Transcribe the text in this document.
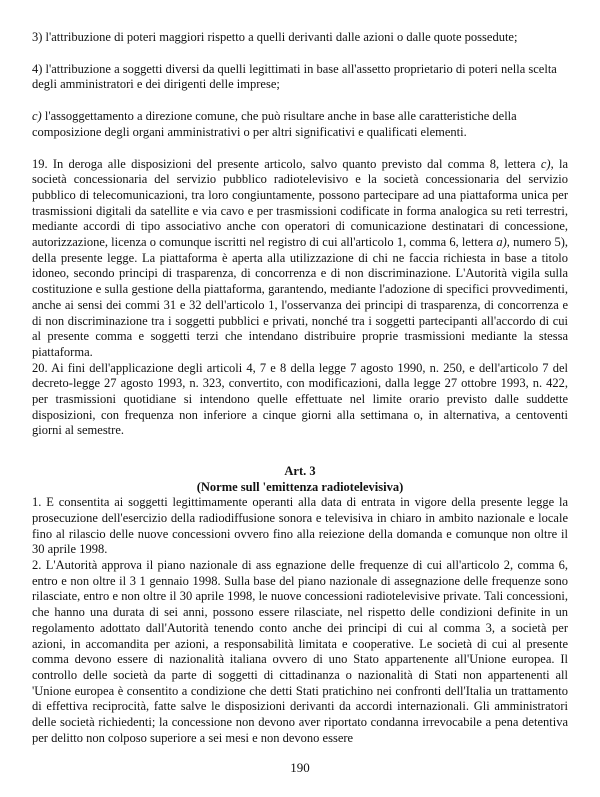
3) l'attribuzione di poteri maggiori rispetto a quelli derivanti dalle azioni o dalle quote possedute;

4) l'attribuzione a soggetti diversi da quelli legittimati in base all'assetto proprietario di poteri nella scelta degli amministratori e dei dirigenti delle imprese;

c) l'assoggettamento a direzione comune, che può risultare anche in base alle caratteristiche della composizione degli organi amministrativi o per altri significativi e qualificati elementi.

19. In deroga alle disposizioni del presente articolo, salvo quanto previsto dal comma 8, lettera c), la società concessionaria del servizio pubblico radiotelevisivo e la società concessionaria del servizio pubblico di telecomunicazioni, tra loro congiuntamente, possono partecipare ad una piattaforma unica per trasmissioni digitali da satellite e via cavo e per trasmissioni codificate in forma analogica su reti terrestri, mediante accordi di tipo associativo anche con operatori di comunicazione destinatari di concessione, autorizzazione, licenza o comunque iscritti nel registro di cui all'articolo 1, comma 6, lettera a), numero 5), della presente legge. La piattaforma è aperta alla utilizzazione di chi ne faccia richiesta in base a titolo idoneo, secondo principi di trasparenza, di concorrenza e di non discriminazione. L'Autorità vigila sulla costituzione e sulla gestione della piattaforma, garantendo, mediante l'adozione di specifici provvedimenti, anche ai sensi dei commi 31 e 32 dell'articolo 1, l'osservanza dei principi di trasparenza, di concorrenza e di non discriminazione tra i soggetti pubblici e privati, nonché tra i soggetti partecipanti all'accordo di cui al presente comma e soggetti terzi che intendano distribuire proprie trasmissioni mediante la stessa piattaforma.

20. Ai fini dell'applicazione degli articoli 4, 7 e 8 della legge 7 agosto 1990, n. 250, e dell'articolo 7 del decreto-legge 27 agosto 1993, n. 323, convertito, con modificazioni, dalla legge 27 ottobre 1993, n. 422, per trasmissioni quotidiane si intendono quelle effettuate nel limite orario previsto dalle suddette disposizioni, con frequenza non inferiore a cinque giorni alla settimana o, in alternativa, a centoventi giorni al semestre.

Art. 3

(Norme sull 'emittenza radiotelevisiva)

1. E consentita ai soggetti legittimamente operanti alla data di entrata in vigore della presente legge la prosecuzione dell'esercizio della radiodiffusione sonora e televisiva in chiaro in ambito nazionale e locale fino al rilascio delle nuove concessioni ovvero fino alla reiezione della domanda e comunque non oltre il 30 aprile 1998.

2. L'Autorità approva il piano nazionale di ass egnazione delle frequenze di cui all'articolo 2, comma 6, entro e non oltre il 3 1 gennaio 1998. Sulla base del piano nazionale di assegnazione delle frequenze sono rilasciate, entro e non oltre il 30 aprile 1998, le nuove concessioni radiotelevisive private. Tali concessioni, che hanno una durata di sei anni, possono essere rilasciate, nel rispetto delle condizioni definite in un regolamento adottato dall'Autorità tenendo conto anche dei principi di cui al comma 3, a società per azioni, in accomandita per azioni, a responsabilità limitata e cooperative. Le società di cui al presente comma devono essere di nazionalità italiana ovvero di uno Stato appartenente all'Unione europea. Il controllo delle società da parte di soggetti di cittadinanza o nazionalità di Stati non appartenenti all 'Unione europea è consentito a condizione che detti Stati pratichino nei confronti dell'Italia un trattamento di effettiva reciprocità, fatte salve le disposizioni derivanti da accordi internazionali. Gli amministratori delle società richiedenti; la concessione non devono aver riportato condanna irrevocabile a pena detentiva per delitto non colposo superiore a sei mesi e non devono essere

190
